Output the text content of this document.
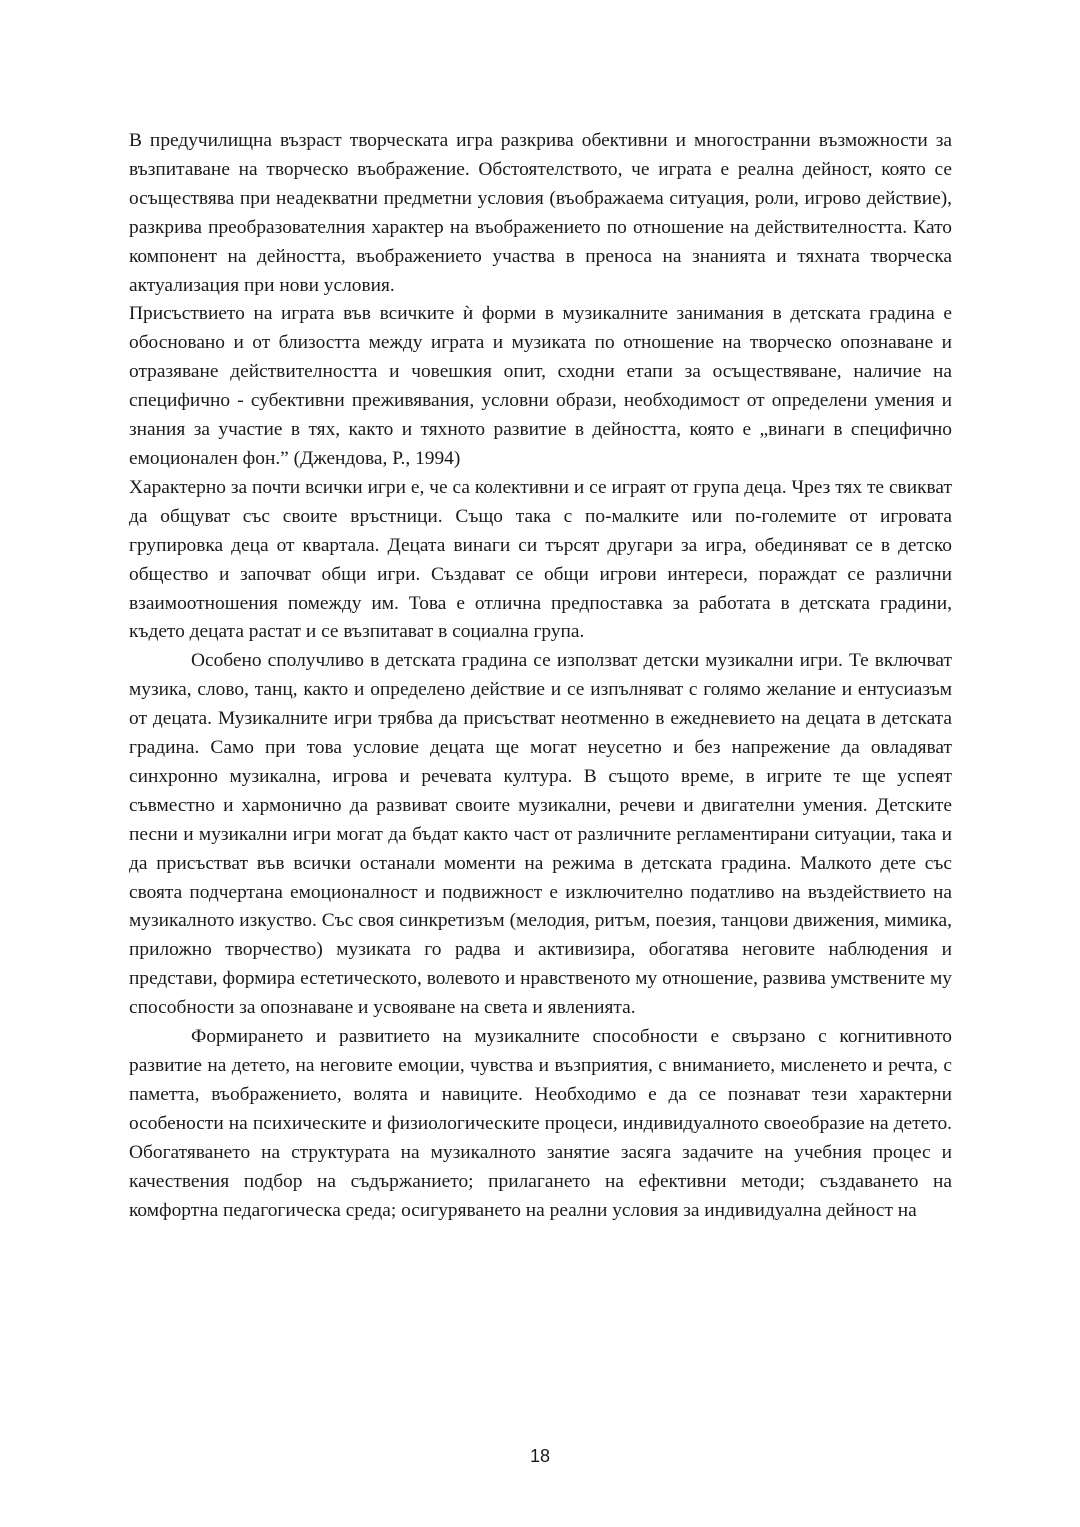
В предучилищна възраст творческата игра разкрива обективни и многостранни възможности за възпитаване на творческо въображение. Обстоятелството, че играта е реална дейност, която се осъществява при неадекватни предметни условия (въображаема ситуация, роли, игрово действие), разкрива преобразователния характер на въображението по отношение на действителността. Като компонент на дейността, въображението участва в преноса на знанията и тяхната творческа актуализация при нови условия.

Присъствието на играта във всичките ѝ форми в музикалните занимания в детската градина е обосновано и от близостта между играта и музиката по отношение на творческо опознаване и отразяване действителността и човешкия опит, сходни етапи за осъществяване, наличие на специфично - субективни преживявания, условни образи, необходимост от определени умения и знания за участие в тях, както и тяхното развитие в дейността, която е „винаги в специфично емоционален фон.” (Джендова, Р., 1994)

Характерно за почти всички игри е, че са колективни и се играят от група деца. Чрез тях те свикват да общуват със своите връстници. Също така с по-малките или по-големите от игровата групировка деца от квартала. Децата винаги си търсят другари за игра, обединяват се в детско общество и започват общи игри. Създават се общи игрови интереси, пораждат се различни взаимоотношения помежду им. Това е отлична предпоставка за работата в детската градини, където децата растат и се възпитават в социална група.

Особено сполучливо в детската градина се използват детски музикални игри. Те включват музика, слово, танц, както и определено действие и се изпълняват с голямо желание и ентусиазъм от децата. Музикалните игри трябва да присъстват неотменно в ежедневието на децата в детската градина. Само при това условие децата ще могат неусетно и без напрежение да овладяват синхронно музикална, игрова и речевата култура. В същото време, в игрите те ще успеят съвместно и хармонично да развиват своите музикални, речеви и двигателни умения. Детските песни и музикални игри могат да бъдат както част от различните регламентирани ситуации, така и да присъстват във всички останали моменти на режима в детската градина. Малкото дете със своята подчертана емоционалност и подвижност е изключително податливо на въздействието на музикалното изкуство. Със своя синкретизъм (мелодия, ритъм, поезия, танцови движения, мимика, приложно творчество) музиката го радва и активизира, обогатява неговите наблюдения и представи, формира естетическото, волевото и нравственото му отношение, развива умствените му способности за опознаване и усвояване на света и явленията.

Формирането и развитието на музикалните способности е свързано с когнитивното развитие на детето, на неговите емоции, чувства и възприятия, с вниманието, мисленето и речта, с паметта, въображението, волята и навиците. Необходимо е да се познават тези характерни особености на психическите и физиологическите процеси, индивидуалното своеобразие на детето. Обогатяването на структурата на музикалното занятие засяга задачите на учебния процес и качествения подбор на съдържанието; прилагането на ефективни методи; създаването на комфортна педагогическа среда; осигуряването на реални условия за индивидуална дейност на

18
